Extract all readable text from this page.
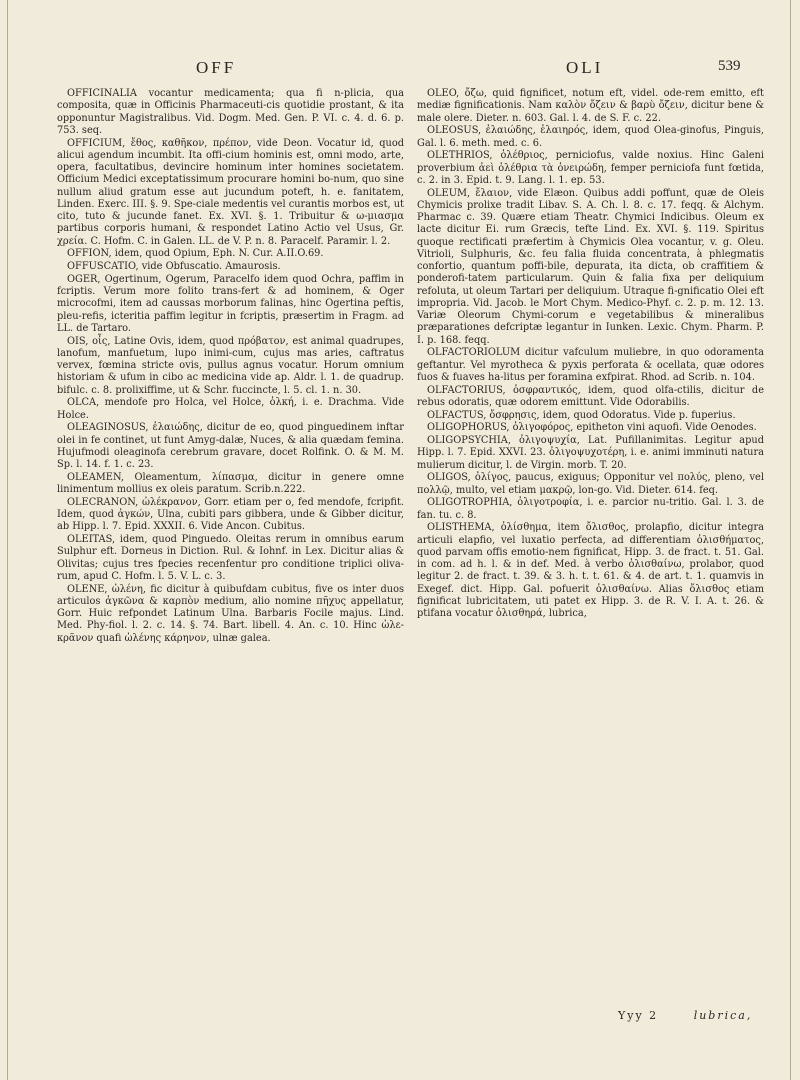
OFF	OLI	539

OFFICINALIA vocantur medicamenta; qua fi n-plicia, qua composita, quæ in Officinis Pharmaceuti-cis quotidie prostant, & ita opponuntur Magistralibus. Vid. Dogm. Med. Gen. P. VI. c. 4. d. 6. p. 753. seq.

OFFICIUM, ἔθος, καθῆκον, πρέπον, vide Deon. Vocatur id, quod alicui agendum incumbit. Ita offi-cium hominis est, omni modo, arte, opera, facultatibus, devincire hominum inter homines societatem. Officium Medici exceptatissimum procurare homini bo-num, quo sine nullum aliud gratum esse aut jucundum poteft, h. e. fanitatem, Linden. Exerc. III. §. 9. Spe-ciale medentis vel curantis morbos est, ut cito, tuto & jucunde fanet. Ex. XVI. §. 1. Tribuitur & ω-μιασμα partibus corporis humani, & respondet Latino Actio vel Usus, Gr. χρεία. C. Hofm. C. in Galen. LL. de V. P. n. 8. Paracelf. Paramir. l. 2.

OFFION, idem, quod Opium, Eph. N. Cur. A.II.O.69.

OFFUSCATIO, vide Obfuscatio. Amaurosis.

OGER, Ogertinum, Ogerum, Paracelfo idem quod Ochra, paffim in fcriptis. Verum more folito trans-fert & ad hominem, & Oger microcofmi, item ad caussas morborum falinas, hinc Ogertina peftis, pleu-refis, icteritia paffim legitur in fcriptis, præsertim in Fragm. ad LL. de Tartaro.

OIS, οἶς, Latine Ovis, idem, quod πρόβατον, est animal quadrupes, lanofum, manfuetum, lupo inimi-cum, cujus mas aries, caftratus vervex, fœmina stricte ovis, pullus agnus vocatur. Horum omnium historiam & ufum in cibo ac medicina vide ap. Aldr. l. 1. de quadrup. bifulc. c. 8. prolixiffime, ut & Schr. fuccincte, l. 5. cl. 1. n. 30.

OLCA, mendofe pro Holca, vel Holce, ὁλκή, i. e. Drachma. Vide Holce.

OLEAGINOSUS, ἐλαιώδης, dicitur de eo, quod pinguedinem inftar olei in fe continet, ut funt Amyg-dalæ, Nuces, & alia quædam femina. Hujufmodi oleaginofa cerebrum gravare, docet Rolfink. O. & M. M. Sp. l. 14. f. 1. c. 23.

OLEAMEN, Oleamentum, λίπασμα, dicitur in genere omne linimentum mollius ex oleis paratum. Scrib.n.222.

OLECRANON, ὠλέκρανον, Gorr. etiam per o, fed mendofe, fcripfit. Idem, quod ἀγκών, Ulna, cubiti pars gibbera, unde & Gibber dicitur, ab Hipp. l. 7. Epid. XXXII. 6. Vide Ancon. Cubitus.

OLEITAS, idem, quod Pinguedo. Oleitas rerum in omnibus earum Sulphur eft. Dorneus in Diction. Rul. & Iohnf. in Lex. Dicitur alias & Olivitas; cujus tres fpecies recenfentur pro conditione triplici oliva-rum, apud C. Hofm. l. 5. V. L. c. 3.

OLENE, ὠλένη, fic dicitur à quibufdam cubitus, five os inter duos articulos ἀγκῶνα & καρπὸν medium, alio nomine πῆχυς appellatur, Gorr. Huic refpondet Latinum Ulna. Barbaris Focile majus. Lind. Med. Phy-fiol. l. 2. c. 14. §. 74. Bart. libell. 4. An. c. 10. Hinc ὠλε-κρᾶνον quafi ὠλένης κάρηνον, ulnæ galea.

OLEO, ὄζω, quid fignificet, notum eft, videl. ode-rem emitto, eft mediæ fignificationis. Nam καλὸν ὄζειν & βαρὺ ὄζειν, dicitur bene & male olere. Dieter. n. 603. Gal. l. 4. de S. F. c. 22.

OLEOSUS, ἐλαιώδης, ἐλαιηρός, idem, quod Olea-ginofus, Pinguis, Gal. l. 6. meth. med. c. 6.

OLETHRIOS, ὀλέθριος, perniciofus, valde noxius. Hinc Galeni proverbium ἀεὶ ὀλέθρια τὰ ὀνειρώδη, femper perniciofa funt fœtida, c. 2. in 3. Epid. t. 9. Lang. l. 1. ep. 53.

OLEUM, ἔλαιον, vide Elæon. Quibus addi poffunt, quæ de Oleis Chymicis prolixe tradit Libav. S. A. Ch. l. 8. c. 17. feqq. & Alchym. Pharmac c. 39. Quære etiam Theatr. Chymici Indicibus. Oleum ex lacte dicitur Ei. rum Græcis, tefte Lind. Ex. XVI. §. 119. Spiritus quoque rectificati præfertim à Chymicis Olea vocantur, v. g. Oleu. Vitrioli, Sulphuris, &c. feu falia fluida concentrata, à phlegmatis confortio, quantum poffi-bile, depurata, ita dicta, ob craffitiem & ponderofi-tatem particularum. Quin & falia fixa per deliquium refoluta, ut oleum Tartari per deliquium. Utraque fi-gnificatio Olei eft impropria. Vid. Jacob. le Mort Chym. Medico-Phyf. c. 2. p. m. 12. 13. Variæ Oleorum Chymi-corum e vegetabilibus & mineralibus præparationes defcriptæ legantur in Iunken. Lexic. Chym. Pharm. P. I. p. 168. feqq.

OLFACTORIOLUM dicitur vafculum muliebre, in quo odoramenta geftantur. Vel myrotheca & pyxis perforata & ocellata, quæ odores fuos & fuaves ha-litus per foramina exfpirat. Rhod. ad Scrib. n. 104.

OLFACTORIUS, ὀσφραντικός, idem, quod olfa-ctilis, dicitur de rebus odoratis, quæ odorem emittunt. Vide Odorabilis.

OLFACTUS, ὄσφρησις, idem, quod Odoratus. Vide p. fuperius.

OLIGOPHORUS, ὀλιγοφόρος, epitheton vini aquofi. Vide Oenodes.

OLIGOPSYCHIA, ὀλιγοψυχία, Lat. Pufillanimitas. Legitur apud Hipp. l. 7. Epid. XXVI. 23. ὀλιγοψυχοτέρη, i. e. animi imminuti natura mulierum dicitur, l. de Virgin. morb. T. 20.

OLIGOS, ὀλίγος, paucus, exiguus; Opponitur vel πολύς, pleno, vel πολλῷ, multo, vel etiam μακρῷ, lon-go. Vid. Dieter. 614. feq.

OLIGOTROPHIA, ὀλιγοτροφία, i. e. parcior nu-tritio. Gal. l. 3. de fan. tu. c. 8.

OLISTHEMA, ὀλίσθημα, item ὄλισθος, prolapfio, dicitur integra articuli elapfio, vel luxatio perfecta, ad differentiam ὀλισθήματος, quod parvam offis emotio-nem fignificat, Hipp. 3. de fract. t. 51. Gal. in com. ad h. l. & in def. Med. à verbo ὀλισθαίνω, prolabor, quod legitur 2. de fract. t. 39. & 3. h. t. t. 61. & 4. de art. t. 1. quamvis in Exegef. dict. Hipp. Gal. pofuerit ὀλισθαίνω. Alias ὄλισθος etiam fignificat lubricitatem, uti patet ex Hipp. 3. de R. V. I. A. t. 26. & ptifana vocatur ὀλισθηρά, lubrica,

Yyy 2	lubrica,
